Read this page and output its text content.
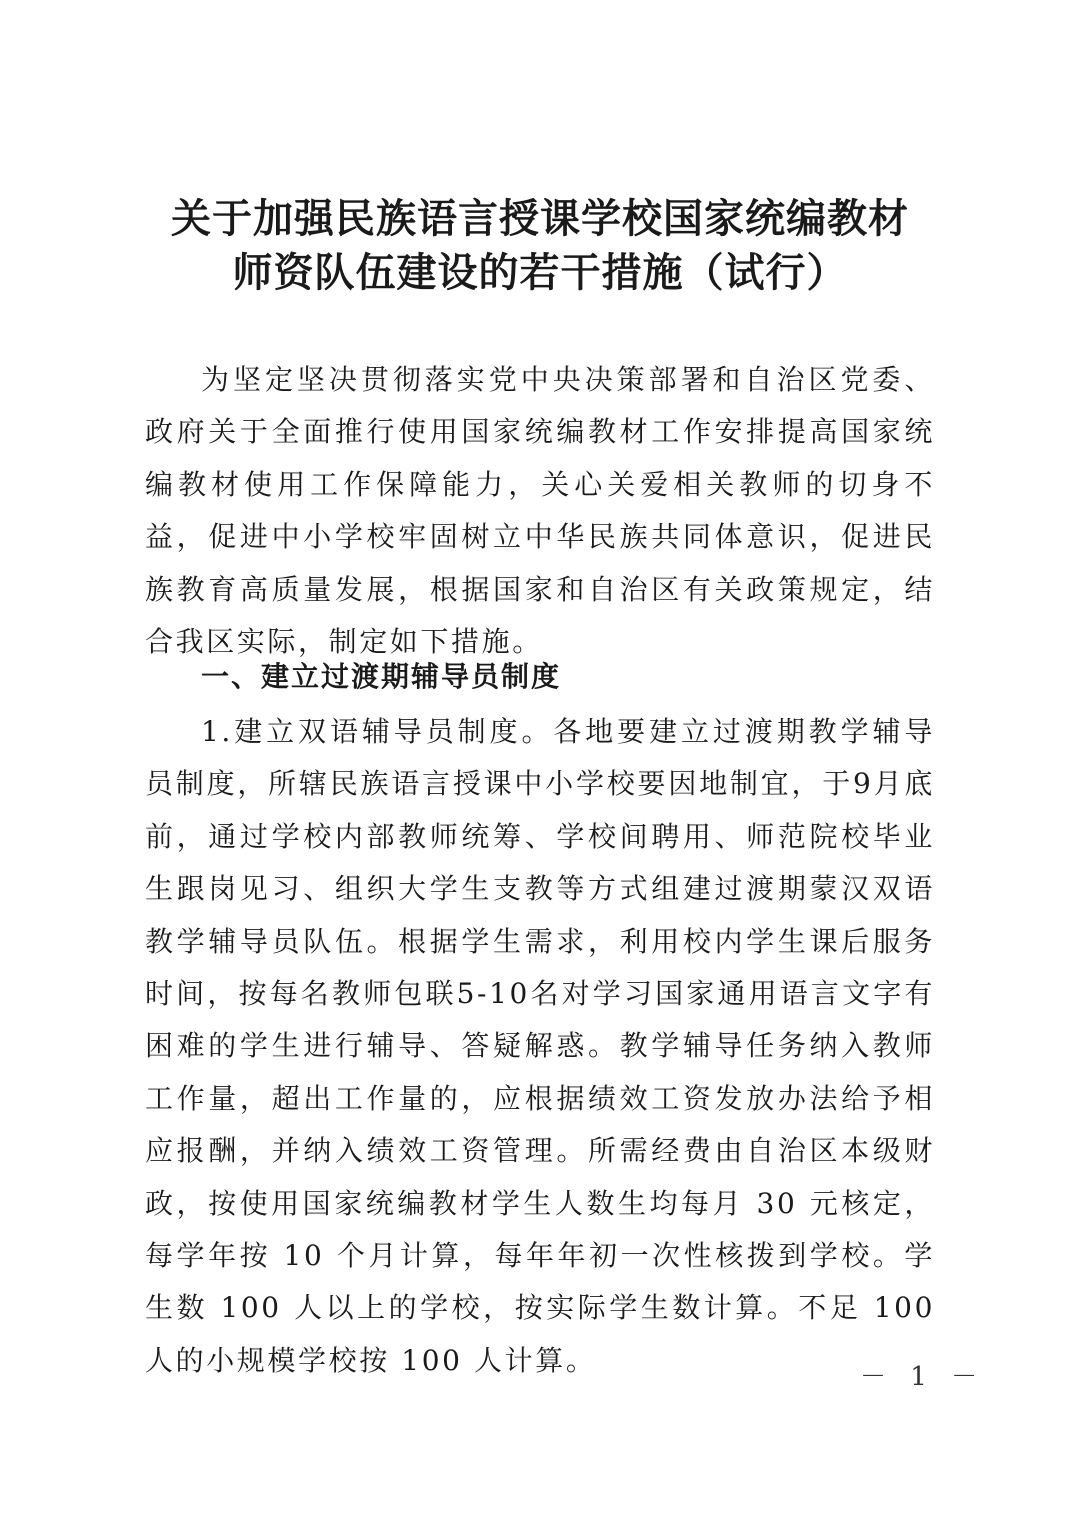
关于加强民族语言授课学校国家统编教材
师资队伍建设的若干措施（试行）

为坚定坚决贯彻落实党中央决策部署和自治区党委、政府关于全面推行使用国家统编教材工作安排提高国家统编教材使用工作保障能力，关心关爱相关教师的切身不益，促进中小学校牢固树立中华民族共同体意识，促进民族教育高质量发展，根据国家和自治区有关政策规定，结合我区实际，制定如下措施。

一、建立过渡期辅导员制度

1.建立双语辅导员制度。各地要建立过渡期教学辅导员制度，所辖民族语言授课中小学校要因地制宜，于9月底前，通过学校内部教师统筹、学校间聘用、师范院校毕业生跟岗见习、组织大学生支教等方式组建过渡期蒙汉双语教学辅导员队伍。根据学生需求，利用校内学生课后服务时间，按每名教师包联5-10名对学习国家通用语言文字有困难的学生进行辅导、答疑解惑。教学辅导任务纳入教师工作量，超出工作量的，应根据绩效工资发放办法给予相应报酬，并纳入绩效工资管理。所需经费由自治区本级财政，按使用国家统编教材学生人数生均每月 30 元核定，每学年按 10 个月计算，每年年初一次性核拨到学校。学生数 100 人以上的学校，按实际学生数计算。不足 100 人的小规模学校按 100 人计算。

－ 1 －
